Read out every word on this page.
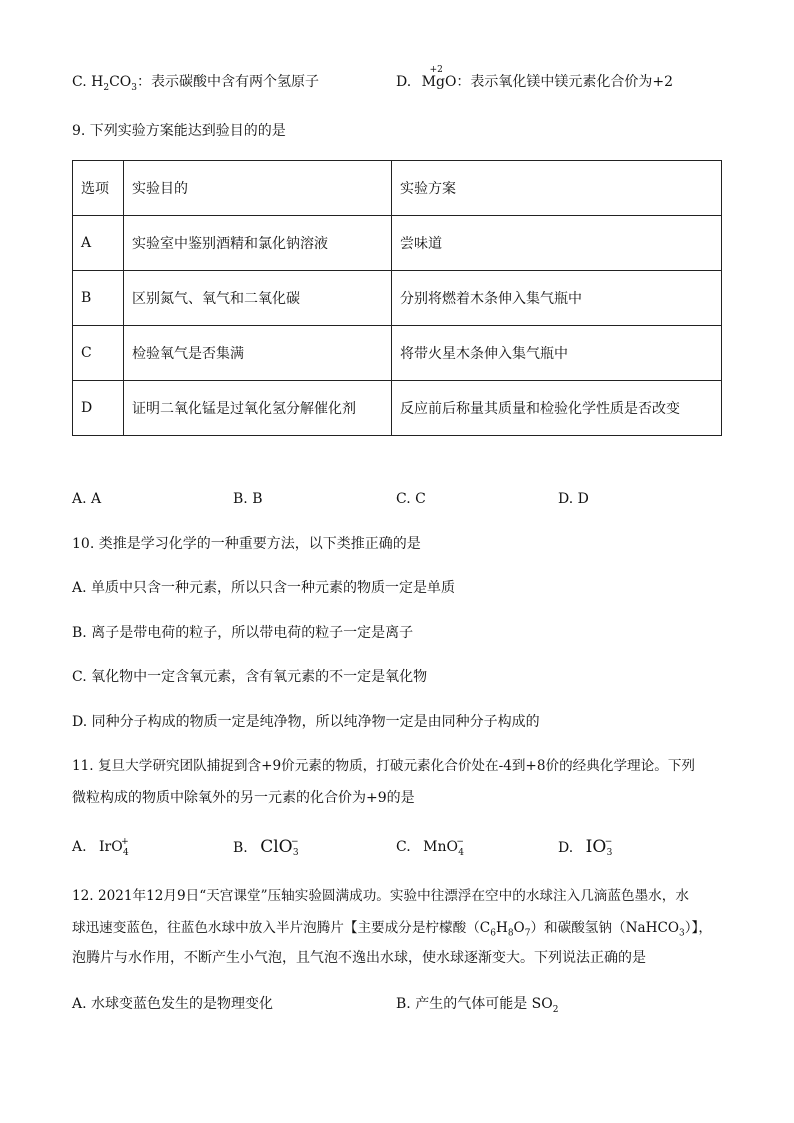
C. $H_2CO_3$：表示碳酸中含有两个氢原子	D.
+2
MgO：表示氧化镁中镁元素化合价为+2
9. 下列实验方案能达到验目的的是
选项	实验目的	实验方案
A	实验室中鉴别酒精和氯化钠溶液	尝味道
B	区别氮气、氧气和二氧化碳	分别将燃着木条伸入集气瓶中
C	检验氧气是否集满	将带火星木条伸入集气瓶中
D	证明二氧化锰是过氧化氢分解催化剂	反应前后称量其质量和检验化学性质是否改变
A. A	B. B	C. C	D. D
10. 类推是学习化学的一种重要方法，以下类推正确的是
A. 单质中只含一种元素，所以只含一种元素的物质一定是单质
B. 离子是带电荷的粒子，所以带电荷的粒子一定是离子
C. 氧化物中一定含氧元素，含有氧元素的不一定是氧化物
D. 同种分子构成的物质一定是纯净物，所以纯净物一定是由同种分子构成的
11. 复旦大学研究团队捕捉到含+9价元素的物质，打破元素化合价处在-4到+8价的经典化学理论。下列
微粒构成的物质中除氧外的另一元素的化合价为+9的是
A. IrO
+
4	B. ClO
−
3	C. MnO
−
4	D. IO
−
3
12. 2021年12月9日“天宫课堂”压轴实验圆满成功。实验中往漂浮在空中的水球注入几滴蓝色墨水，水
球迅速变蓝色，往蓝色水球中放入半片泡腾片【主要成分是柠檬酸$(C_6H_8O_7)$和碳酸氢钠（NaHCO$_3$）】，
泡腾片与水作用，不断产生小气泡，且气泡不逸出水球，使水球逐渐变大。下列说法正确的是
A. 水球变蓝色发生的是物理变化	B. 产生的气体可能是 $SO_2$
